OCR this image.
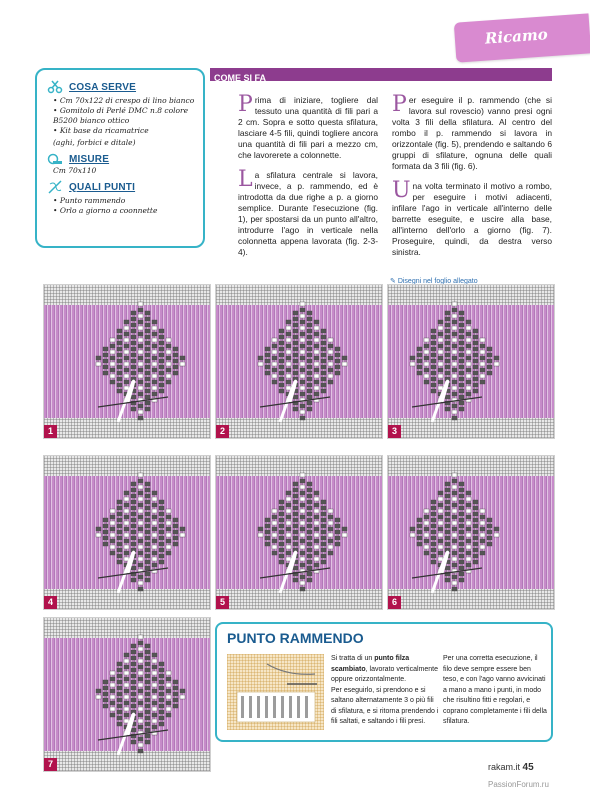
Ricamo
COSA SERVE
• Cm 70x122 di crespo di lino bianco
• Gomitolo di Perlé DMC n.8 colore B5200 bianco ottico
• Kit base da ricamatrice

(aghi, forbici e ditale)

MISURE

Cm 70x110

QUALI PUNTI
• Punto rammendo
• Orlo a giorno a coonnette
COME SI FA

Prima di iniziare, togliere dal tessuto una quantità di fili pari a 2 cm. Sopra e sotto questa sfilatura, lasciare 4-5 fili, quindi togliere ancora una quantità di fili pari a mezzo cm, che lavorerete a colonnette.

La sfilatura centrale si lavora, invece, a p. rammendo, ed è introdotta da due righe a p. a giorno semplice. Durante l'esecuzione (fig. 1), per spostarsi da un punto all'altro, introdurre l'ago in verticale nella colonnetta appena lavorata (fig. 2-3-4).

Per eseguire il p. rammendo (che si lavora sul rovescio) vanno presi ogni volta 3 fili della sfilatura. Al centro del rombo il p. rammendo si lavora in orizzontale (fig. 5), prendendo e saltando 6 gruppi di sfilature, ognuna delle quali formata da 3 fili (fig. 6).

Una volta terminato il motivo a rombo, per eseguire i motivi adiacenti, infilare l'ago in verticale all'interno delle barrette eseguite, e uscire alla base, all'interno dell'orlo a giorno (fig. 7). Proseguire, quindi, da destra verso sinistra.

✎ Disegni nel foglio allegato
1	2	3
4	5	6
7
PUNTO RAMMENDO
Si tratta di un punto filza scambiato, lavorato verticalmente oppure orizzontalmente.
Per eseguirlo, si prendono e si saltano alternatamente 3 o più fili di sfilatura, e si ritorna prendendo i fili saltati, e saltando i fili presi.
Per una corretta esecuzione, il filo deve sempre essere ben teso, e con l'ago vanno avvicinati a mano a mano i punti, in modo che risultino fitti e regolari, e coprano completamente i fili della sfilatura.
rakam.it 45
PassionForum.ru
